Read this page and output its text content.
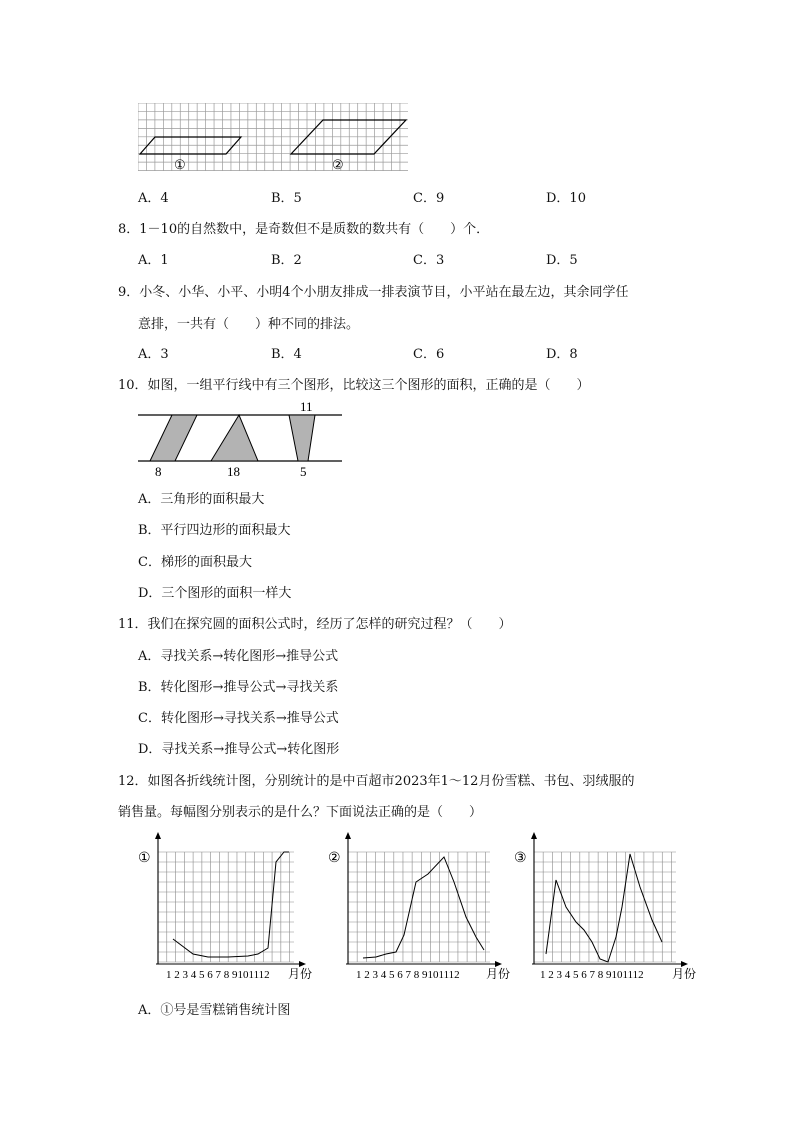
①	②
A．4	B．5	C．9	D．10
8．1－10的自然数中，是奇数但不是质数的数共有（　　）个．
A．1	B．2	C．3	D．5
9．小冬、小华、小平、小明4个小朋友排成一排表演节目，小平站在最左边，其余同学任
意排，一共有（　　）种不同的排法。
A．3	B．4	C．6	D．8
10．如图，一组平行线中有三个图形，比较这三个图形的面积，正确的是（　　）
11
8	18	5
A．三角形的面积最大
B．平行四边形的面积最大
C．梯形的面积最大
D．三个图形的面积一样大
11．我们在探究圆的面积公式时，经历了怎样的研究过程？（　　）
A．寻找关系→转化图形→推导公式
B．转化图形→推导公式→寻找关系
C．转化图形→寻找关系→推导公式
D．寻找关系→推导公式→转化图形
12．如图各折线统计图，分别统计的是中百超市2023年1～12月份雪糕、书包、羽绒服的
销售量。每幅图分别表示的是什么？下面说法正确的是（　　）
①
1 2 3 4 5 6 7 8 9101112 月份
②
1 2 3 4 5 6 7 8 9101112 月份
③
1 2 3 4 5 6 7 8 9101112 月份
A．①号是雪糕销售统计图
